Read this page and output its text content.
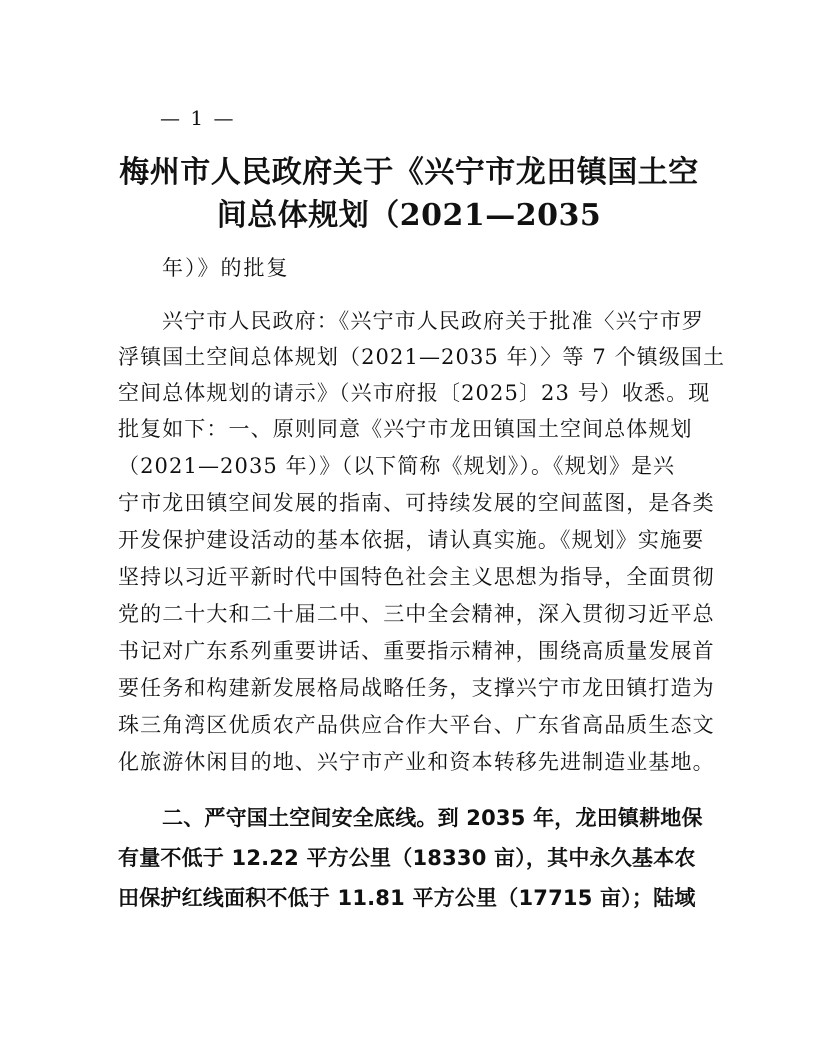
— 1 —
梅州市人民政府关于《兴宁市龙田镇国土空
间总体规划（2021—2035
年）》的批复
兴宁市人民政府：《兴宁市人民政府关于批准〈兴宁市罗
浮镇国土空间总体规划（2021—2035 年）〉等 7 个镇级国土
空间总体规划的请示》（兴市府报〔2025〕23 号）收悉。现
批复如下：一、原则同意《兴宁市龙田镇国土空间总体规划
（2021—2035 年）》（以下简称《规划》）。《规划》是兴
宁市龙田镇空间发展的指南、可持续发展的空间蓝图，是各类
开发保护建设活动的基本依据，请认真实施。《规划》实施要
坚持以习近平新时代中国特色社会主义思想为指导，全面贯彻
党的二十大和二十届二中、三中全会精神，深入贯彻习近平总
书记对广东系列重要讲话、重要指示精神，围绕高质量发展首
要任务和构建新发展格局战略任务，支撑兴宁市龙田镇打造为
珠三角湾区优质农产品供应合作大平台、广东省高品质生态文
化旅游休闲目的地、兴宁市产业和资本转移先进制造业基地。
二、严守国土空间安全底线。到 2035 年，龙田镇耕地保
有量不低于 12.22 平方公里（18330 亩），其中永久基本农
田保护红线面积不低于 11.81 平方公里（17715 亩）；陆域
